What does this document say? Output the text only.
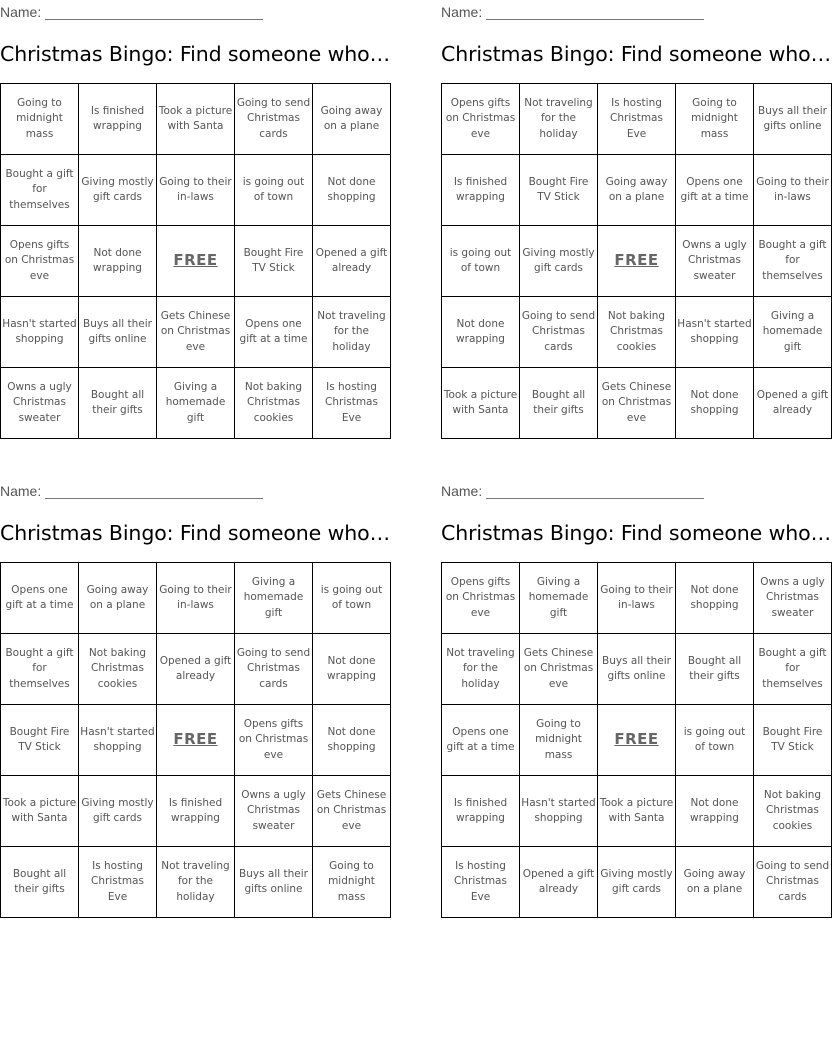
Name:
Christmas Bingo: Find someone who…
Going to midnight mass	Is finished wrapping	Took a picture with Santa	Going to send Christmas cards	Going away on a plane
Bought a gift for themselves	Giving mostly gift cards	Going to their in-laws	is going out of town	Not done shopping
Opens gifts on Christmas eve	Not done wrapping	FREE	Bought Fire TV Stick	Opened a gift already
Hasn't started shopping	Buys all their gifts online	Gets Chinese on Christmas eve	Opens one gift at a time	Not traveling for the holiday
Owns a ugly Christmas sweater	Bought all their gifts	Giving a homemade gift	Not baking Christmas cookies	Is hosting Christmas Eve
Name:
Christmas Bingo: Find someone who…
Opens gifts on Christmas eve	Not traveling for the holiday	Is hosting Christmas Eve	Going to midnight mass	Buys all their gifts online
Is finished wrapping	Bought Fire TV Stick	Going away on a plane	Opens one gift at a time	Going to their in-laws
is going out of town	Giving mostly gift cards	FREE	Owns a ugly Christmas sweater	Bought a gift for themselves
Not done wrapping	Going to send Christmas cards	Not baking Christmas cookies	Hasn't started shopping	Giving a homemade gift
Took a picture with Santa	Bought all their gifts	Gets Chinese on Christmas eve	Not done shopping	Opened a gift already
Name:
Christmas Bingo: Find someone who…
Opens one gift at a time	Going away on a plane	Going to their in-laws	Giving a homemade gift	is going out of town
Bought a gift for themselves	Not baking Christmas cookies	Opened a gift already	Going to send Christmas cards	Not done wrapping
Bought Fire TV Stick	Hasn't started shopping	FREE	Opens gifts on Christmas eve	Not done shopping
Took a picture with Santa	Giving mostly gift cards	Is finished wrapping	Owns a ugly Christmas sweater	Gets Chinese on Christmas eve
Bought all their gifts	Is hosting Christmas Eve	Not traveling for the holiday	Buys all their gifts online	Going to midnight mass
Name:
Christmas Bingo: Find someone who…
Opens gifts on Christmas eve	Giving a homemade gift	Going to their in-laws	Not done shopping	Owns a ugly Christmas sweater
Not traveling for the holiday	Gets Chinese on Christmas eve	Buys all their gifts online	Bought all their gifts	Bought a gift for themselves
Opens one gift at a time	Going to midnight mass	FREE	is going out of town	Bought Fire TV Stick
Is finished wrapping	Hasn't started shopping	Took a picture with Santa	Not done wrapping	Not baking Christmas cookies
Is hosting Christmas Eve	Opened a gift already	Giving mostly gift cards	Going away on a plane	Going to send Christmas cards
